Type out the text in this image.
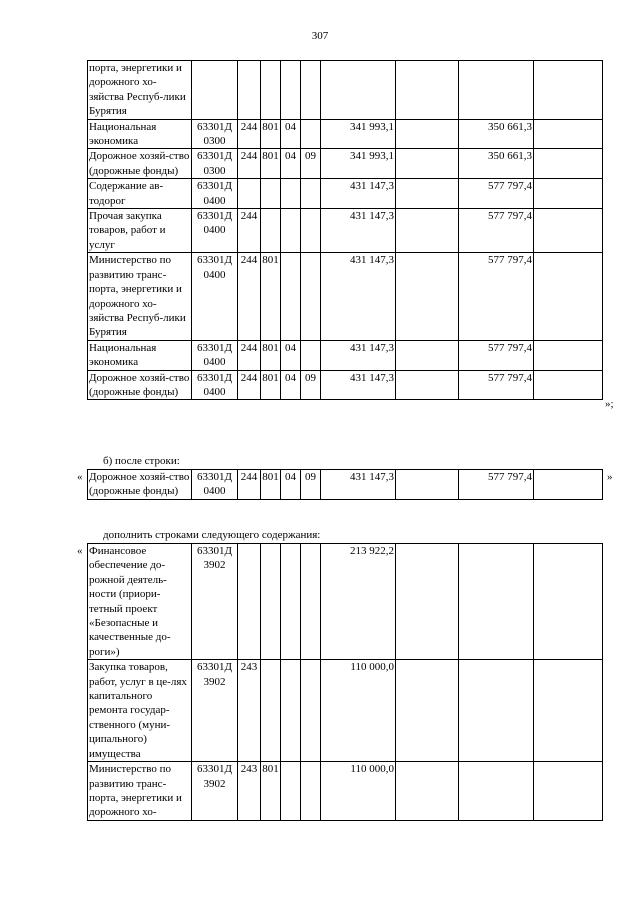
307
порта, энергетики и дорожного хо-зяйства Респуб-лики Бурятия									
Национальная экономика	63301Д 0300	244	801	04		341 993,1		350 661,3	
Дорожное хозяй-ство (дорожные фонды)	63301Д 0300	244	801	04	09	341 993,1		350 661,3	
Содержание ав-тодорог	63301Д 0400					431 147,3		577 797,4	
Прочая закупка товаров, работ и услуг	63301Д 0400	244				431 147,3		577 797,4	
Министерство по развитию транс-порта, энергетики и дорожного хо-зяйства Респуб-лики Бурятия	63301Д 0400	244	801			431 147,3		577 797,4	
Национальная экономика	63301Д 0400	244	801	04		431 147,3		577 797,4	
Дорожное хозяй-ство (дорожные фонды)	63301Д 0400	244	801	04	09	431 147,3		577 797,4	
»;
б) после строки:
« Дорожное хозяй-ство (дорожные фонды)	63301Д 0400	244	801	04	09	431 147,3		577 797,4		»
дополнить строками следующего содержания:
« Финансовое обеспечение до-рожной деятель-ности (приори-тетный проект «Безопасные и качественные до-роги»)	63301Д 3902					213 922,2			
Закупка товаров, работ, услуг в це-лях капитального ремонта государ-ственного (муни-ципального) имущества	63301Д 3902	243				110 000,0			
Министерство по развитию транс-порта, энергетики и дорожного хо-	63301Д 3902	243	801			110 000,0			
